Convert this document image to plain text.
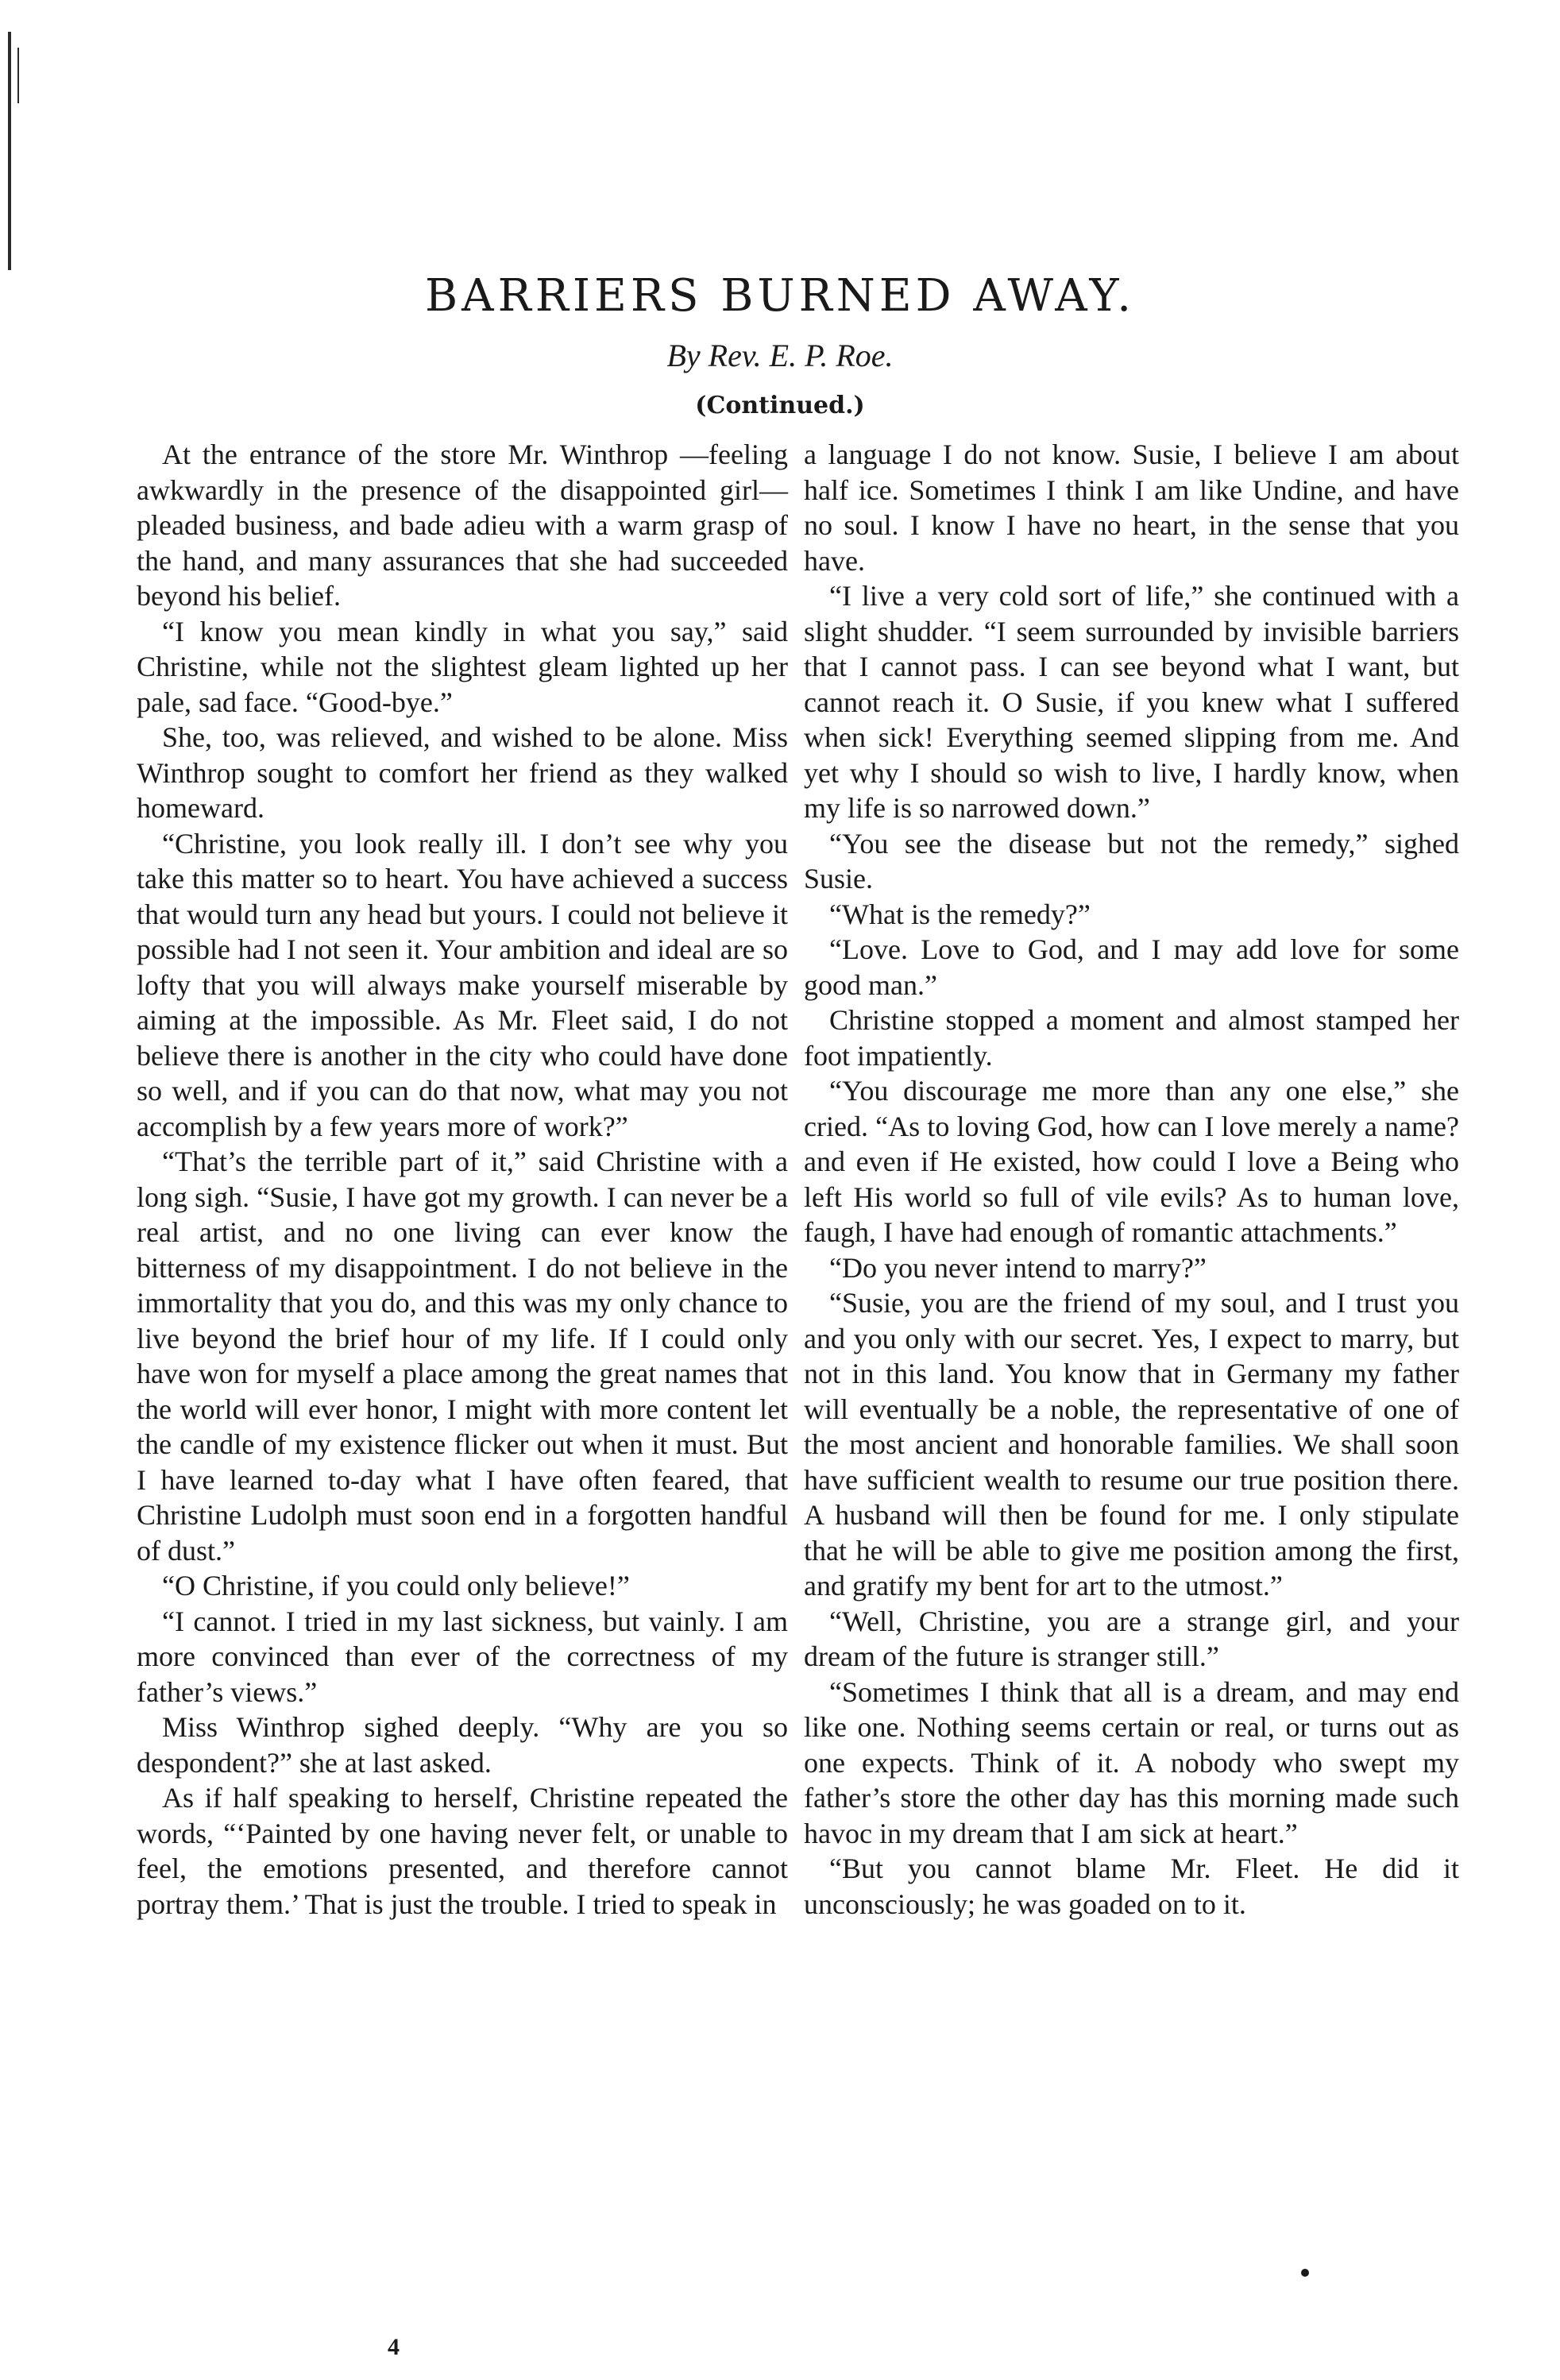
BARRIERS BURNED AWAY.
By Rev. E. P. Roe.
(Continued.)

At the entrance of the store Mr. Winthrop —feeling awkwardly in the presence of the disappointed girl—pleaded business, and bade adieu with a warm grasp of the hand, and many assurances that she had succeeded beyond his belief.

“I know you mean kindly in what you say,” said Christine, while not the slightest gleam lighted up her pale, sad face. “Good-bye.”

She, too, was relieved, and wished to be alone. Miss Winthrop sought to comfort her friend as they walked homeward.

“Christine, you look really ill. I don’t see why you take this matter so to heart. You have achieved a success that would turn any head but yours. I could not believe it possible had I not seen it. Your ambition and ideal are so lofty that you will always make yourself miserable by aiming at the impossible. As Mr. Fleet said, I do not believe there is another in the city who could have done so well, and if you can do that now, what may you not accomplish by a few years more of work?”

“That’s the terrible part of it,” said Christine with a long sigh. “Susie, I have got my growth. I can never be a real artist, and no one living can ever know the bitterness of my disappointment. I do not believe in the immortality that you do, and this was my only chance to live beyond the brief hour of my life. If I could only have won for myself a place among the great names that the world will ever honor, I might with more content let the candle of my existence flicker out when it must. But I have learned to-day what I have often feared, that Christine Ludolph must soon end in a forgotten handful of dust.”

“O Christine, if you could only believe!”

“I cannot. I tried in my last sickness, but vainly. I am more convinced than ever of the correctness of my father’s views.”

Miss Winthrop sighed deeply. “Why are you so despondent?” she at last asked.

As if half speaking to herself, Christine repeated the words, “‘Painted by one having never felt, or unable to feel, the emotions presented, and therefore cannot portray them.’ That is just the trouble. I tried to speak in

a language I do not know. Susie, I believe I am about half ice. Sometimes I think I am like Undine, and have no soul. I know I have no heart, in the sense that you have.

“I live a very cold sort of life,” she continued with a slight shudder. “I seem surrounded by invisible barriers that I cannot pass. I can see beyond what I want, but cannot reach it. O Susie, if you knew what I suffered when sick! Everything seemed slipping from me. And yet why I should so wish to live, I hardly know, when my life is so narrowed down.”

“You see the disease but not the remedy,” sighed Susie.

“What is the remedy?”

“Love. Love to God, and I may add love for some good man.”

Christine stopped a moment and almost stamped her foot impatiently.

“You discourage me more than any one else,” she cried. “As to loving God, how can I love merely a name? and even if He existed, how could I love a Being who left His world so full of vile evils? As to human love, faugh, I have had enough of romantic attachments.”

“Do you never intend to marry?”

“Susie, you are the friend of my soul, and I trust you and you only with our secret. Yes, I expect to marry, but not in this land. You know that in Germany my father will eventually be a noble, the representative of one of the most ancient and honorable families. We shall soon have sufficient wealth to resume our true position there. A husband will then be found for me. I only stipulate that he will be able to give me position among the first, and gratify my bent for art to the utmost.”

“Well, Christine, you are a strange girl, and your dream of the future is stranger still.”

“Sometimes I think that all is a dream, and may end like one. Nothing seems certain or real, or turns out as one expects. Think of it. A nobody who swept my father’s store the other day has this morning made such havoc in my dream that I am sick at heart.”

“But you cannot blame Mr. Fleet. He did it unconsciously; he was goaded on to it.

4
